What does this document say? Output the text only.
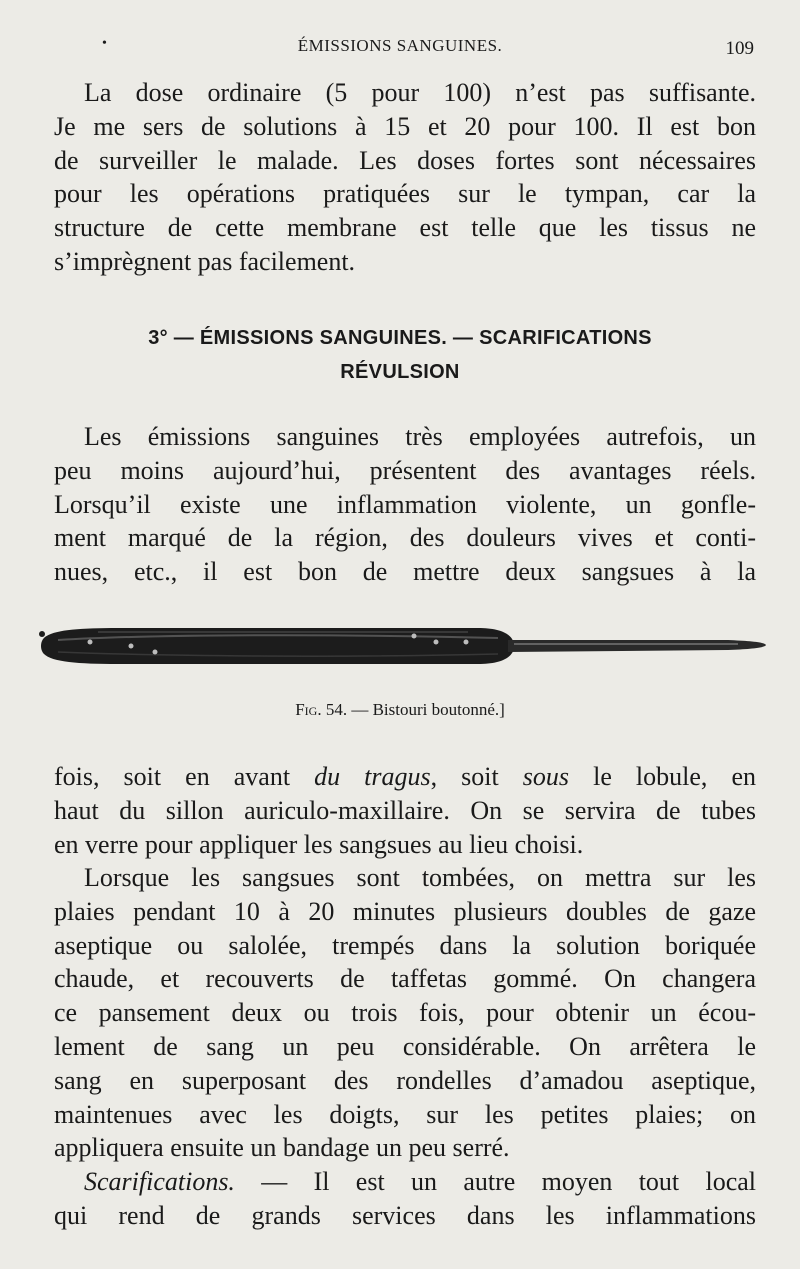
•	ÉMISSIONS SANGUINES.	109

La dose ordinaire (5 pour 100) n’est pas suffisante.

Je me sers de solutions à 15 et 20 pour 100. Il est bon

de surveiller le malade. Les doses fortes sont nécessaires

pour les opérations pratiquées sur le tympan, car la

structure de cette membrane est telle que les tissus ne

s’imprègnent pas facilement.

3° — ÉMISSIONS SANGUINES. — SCARIFICATIONS
RÉVULSION

Les émissions sanguines très employées autrefois, un

peu moins aujourd’hui, présentent des avantages réels.

Lorsqu’il existe une inflammation violente, un gonfle-

ment marqué de la région, des douleurs vives et conti-

nues, etc., il est bon de mettre deux sangsues à la

Fig. 54. — Bistouri boutonné.]

fois, soit en avant du tragus, soit sous le lobule, en

haut du sillon auriculo-maxillaire. On se servira de tubes

en verre pour appliquer les sangsues au lieu choisi.

Lorsque les sangsues sont tombées, on mettra sur les

plaies pendant 10 à 20 minutes plusieurs doubles de gaze

aseptique ou salolée, trempés dans la solution boriquée

chaude, et recouverts de taffetas gommé. On changera

ce pansement deux ou trois fois, pour obtenir un écou-

lement de sang un peu considérable. On arrêtera le

sang en superposant des rondelles d’amadou aseptique,

maintenues avec les doigts, sur les petites plaies; on

appliquera ensuite un bandage un peu serré.

Scarifications. — Il est un autre moyen tout local

qui rend de grands services dans les inflammations
